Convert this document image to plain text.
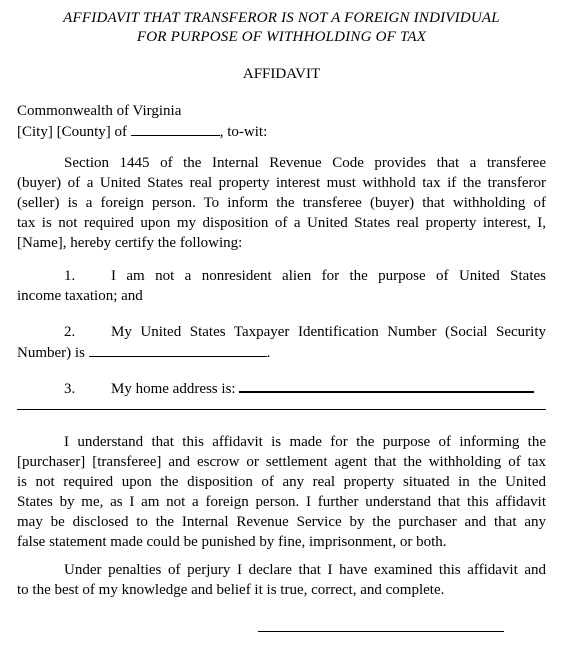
AFFIDAVIT THAT TRANSFEROR IS NOT A FOREIGN INDIVIDUAL
FOR PURPOSE OF WITHHOLDING OF TAX
AFFIDAVIT
Commonwealth of Virginia
[City] [County] of	, to-wit:
Section 1445 of the Internal Revenue Code provides that a transferee
(buyer) of a United States real property interest must withhold tax if the transferor
(seller) is a foreign person. To inform the transferee (buyer) that withholding of
tax is not required upon my disposition of a United States real property interest, I,
[Name], hereby certify the following:
1. I am not a nonresident alien for the purpose of United States
income taxation; and
2. My United States Taxpayer Identification Number (Social Security
Number) is	.
3. My home address is:
I understand that this affidavit is made for the purpose of informing the
[purchaser] [transferee] and escrow or settlement agent that the withholding of tax
is not required upon the disposition of any real property situated in the United
States by me, as I am not a foreign person. I further understand that this affidavit
may be disclosed to the Internal Revenue Service by the purchaser and that any
false statement made could be punished by fine, imprisonment, or both.
Under penalties of perjury I declare that I have examined this affidavit and
to the best of my knowledge and belief it is true, correct, and complete.
